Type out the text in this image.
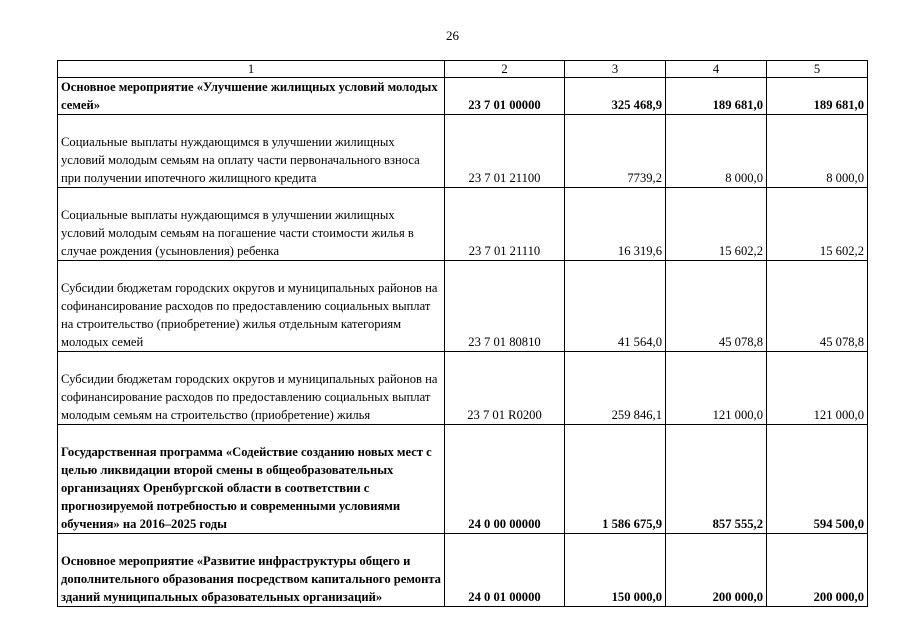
26
1	2	3	4	5
Основное мероприятие «Улучшение жилищных условий молодых семей»	23 7 01 00000	325 468,9	189 681,0	189 681,0
Социальные выплаты нуждающимся в улучшении жилищных условий молодым семьям на оплату части первоначального взноса при получении ипотечного жилищного кредита	23 7 01 21100	7739,2	8 000,0	8 000,0
Социальные выплаты нуждающимся в улучшении жилищных условий молодым семьям на погашение части стоимости жилья в случае рождения (усыновления) ребенка	23 7 01 21110	16 319,6	15 602,2	15 602,2
Субсидии бюджетам городских округов и муниципальных районов на софинансирование расходов по предоставлению социальных выплат на строительство (приобретение) жилья отдельным категориям молодых семей	23 7 01 80810	41 564,0	45 078,8	45 078,8
Субсидии бюджетам городских округов и муниципальных районов на софинансирование расходов по предоставлению социальных выплат молодым семьям на строительство (приобретение) жилья	23 7 01 R0200	259 846,1	121 000,0	121 000,0
Государственная программа «Содействие созданию новых мест с целью ликвидации второй смены в общеобразовательных организациях Оренбургской области в соответствии с прогнозируемой потребностью и современными условиями обучения» на 2016–2025 годы	24 0 00 00000	1 586 675,9	857 555,2	594 500,0
Основное мероприятие «Развитие инфраструктуры общего и дополнительного образования посредством капитального ремонта зданий муниципальных образовательных организаций»	24 0 01 00000	150 000,0	200 000,0	200 000,0
